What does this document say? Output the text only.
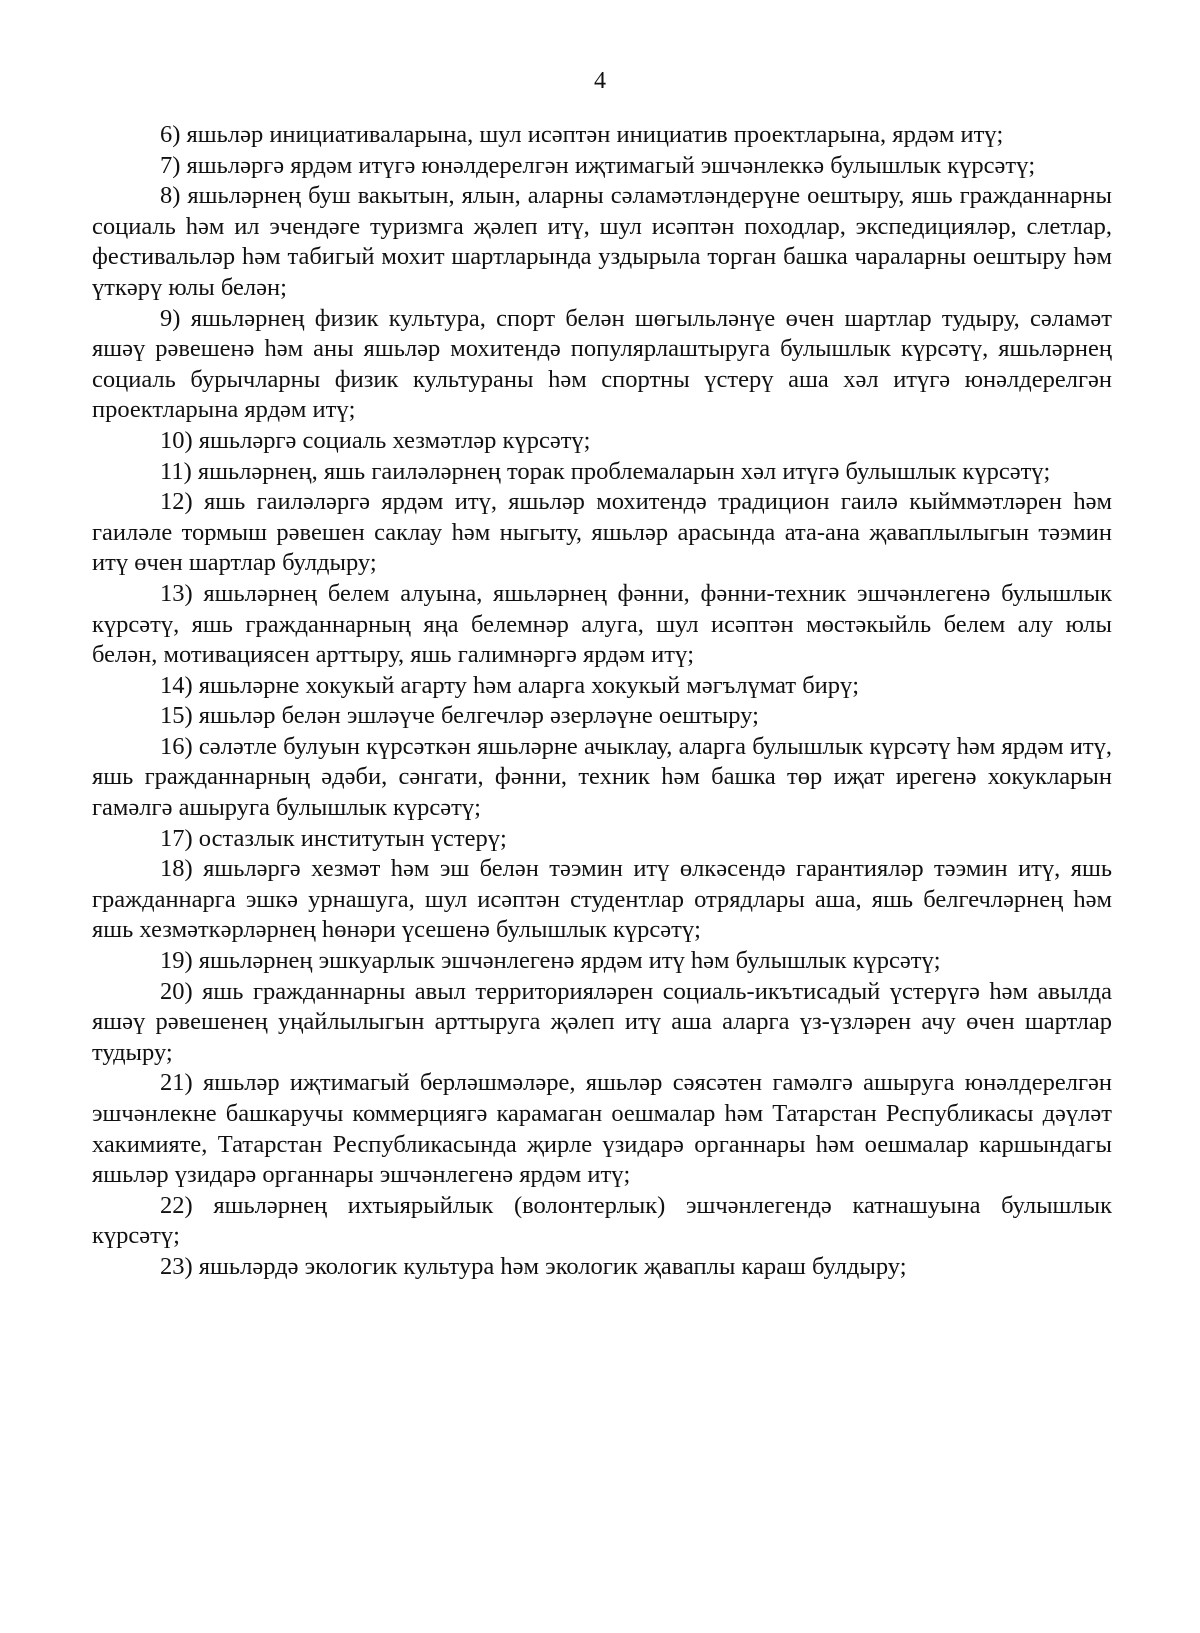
4

6) яшьләр инициативаларына, шул исәптән инициатив проектларына, ярдәм итү;

7) яшьләргә ярдәм итүгә юнәлдерелгән иҗтимагый эшчәнлеккә булышлык күрсәтү;

8) яшьләрнең буш вакытын, ялын, аларны сәламәтләндерүне оештыру, яшь гражданнарны социаль һәм ил эчендәге туризмга җәлеп итү, шул исәптән походлар, экспедицияләр, слетлар, фестивальләр һәм табигый мохит шартларында уздырыла торган башка чараларны оештыру һәм үткәрү юлы белән;

9) яшьләрнең физик культура, спорт белән шөгыльләнүе өчен шартлар тудыру, сәламәт яшәү рәвешенә һәм аны яшьләр мохитендә популярлаштыруга булышлык күрсәтү, яшьләрнең социаль бурычларны физик культураны һәм спортны үстерү аша хәл итүгә юнәлдерелгән проектларына ярдәм итү;

10) яшьләргә социаль хезмәтләр күрсәтү;

11) яшьләрнең, яшь гаиләләрнең торак проблемаларын хәл итүгә булышлык күрсәтү;

12) яшь гаиләләргә ярдәм итү, яшьләр мохитендә традицион гаилә кыйммәтләрен һәм гаиләле тормыш рәвешен саклау һәм ныгыту, яшьләр арасында ата-ана җаваплылыгын тәэмин итү өчен шартлар булдыру;

13) яшьләрнең белем алуына, яшьләрнең фәнни, фәнни-техник эшчәнлегенә булышлык күрсәтү, яшь гражданнарның яңа белемнәр алуга, шул исәптән мөстәкыйль белем алу юлы белән, мотивациясен арттыру, яшь галимнәргә ярдәм итү;

14) яшьләрне хокукый агарту һәм аларга хокукый мәгълүмат бирү;

15) яшьләр белән эшләүче белгечләр әзерләүне оештыру;

16) сәләтле булуын күрсәткән яшьләрне ачыклау, аларга булышлык күрсәтү һәм ярдәм итү, яшь гражданнарның әдәби, сәнгати, фәнни, техник һәм башка төр иҗат ирегенә хокукларын гамәлгә ашыруга булышлык күрсәтү;

17) остазлык институтын үстерү;

18) яшьләргә хезмәт һәм эш белән тәэмин итү өлкәсендә гарантияләр тәэмин итү, яшь гражданнарга эшкә урнашуга, шул исәптән студентлар отрядлары аша, яшь белгечләрнең һәм яшь хезмәткәрләрнең һөнәри үсешенә булышлык күрсәтү;

19) яшьләрнең эшкуарлык эшчәнлегенә ярдәм итү һәм булышлык күрсәтү;

20) яшь гражданнарны авыл территорияләрен социаль-икътисадый үстерүгә һәм авылда яшәү рәвешенең уңайлылыгын арттыруга җәлеп итү аша аларга үз-үзләрен ачу өчен шартлар тудыру;

21) яшьләр иҗтимагый берләшмәләре, яшьләр сәясәтен гамәлгә ашыруга юнәлдерелгән эшчәнлекне башкаручы коммерциягә карамаган оешмалар һәм Татарстан Республикасы дәүләт хакимияте, Татарстан Республикасында җирле үзидарә органнары һәм оешмалар каршындагы яшьләр үзидарә органнары эшчәнлегенә ярдәм итү;

22) яшьләрнең ихтыярыйлык (волонтерлык) эшчәнлегендә катнашуына булышлык күрсәтү;

23) яшьләрдә экологик культура һәм экологик җаваплы караш булдыру;
